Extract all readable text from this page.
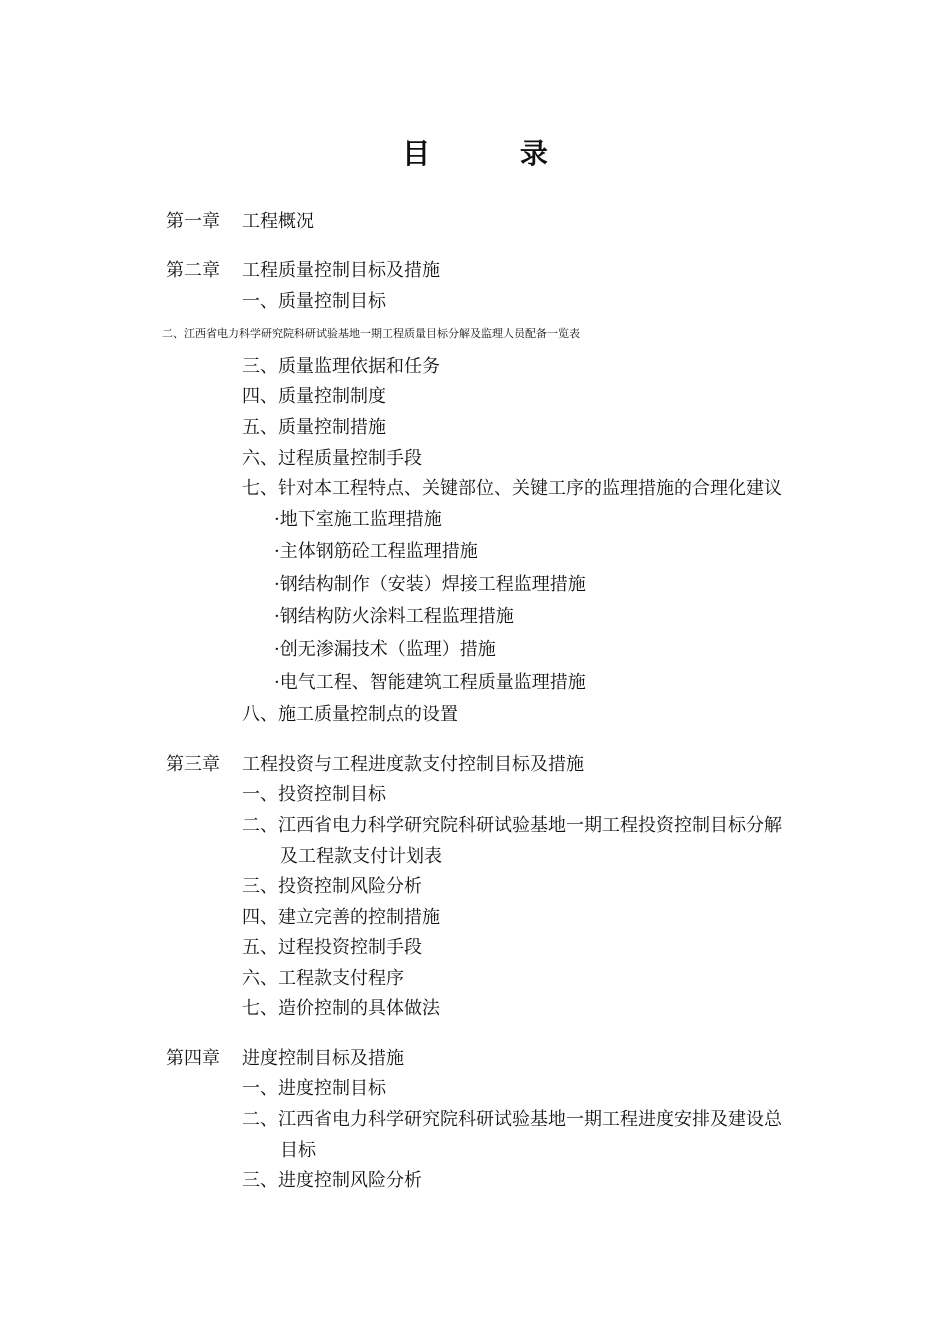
目 录
第一章 工程概况
第二章 工程质量控制目标及措施
一、质量控制目标
二、江西省电力科学研究院科研试验基地一期工程质量目标分解及监理人员配备一览表
三、质量监理依据和任务
四、质量控制制度
五、质量控制措施
六、过程质量控制手段
七、针对本工程特点、关键部位、关键工序的监理措施的合理化建议
·地下室施工监理措施
·主体钢筋砼工程监理措施
·钢结构制作（安装）焊接工程监理措施
·钢结构防火涂料工程监理措施
·创无渗漏技术（监理）措施
·电气工程、智能建筑工程质量监理措施
八、施工质量控制点的设置
第三章 工程投资与工程进度款支付控制目标及措施
一、投资控制目标
二、江西省电力科学研究院科研试验基地一期工程投资控制目标分解
及工程款支付计划表
三、投资控制风险分析
四、建立完善的控制措施
五、过程投资控制手段
六、工程款支付程序
七、造价控制的具体做法
第四章 进度控制目标及措施
一、进度控制目标
二、江西省电力科学研究院科研试验基地一期工程进度安排及建设总
目标
三、进度控制风险分析
